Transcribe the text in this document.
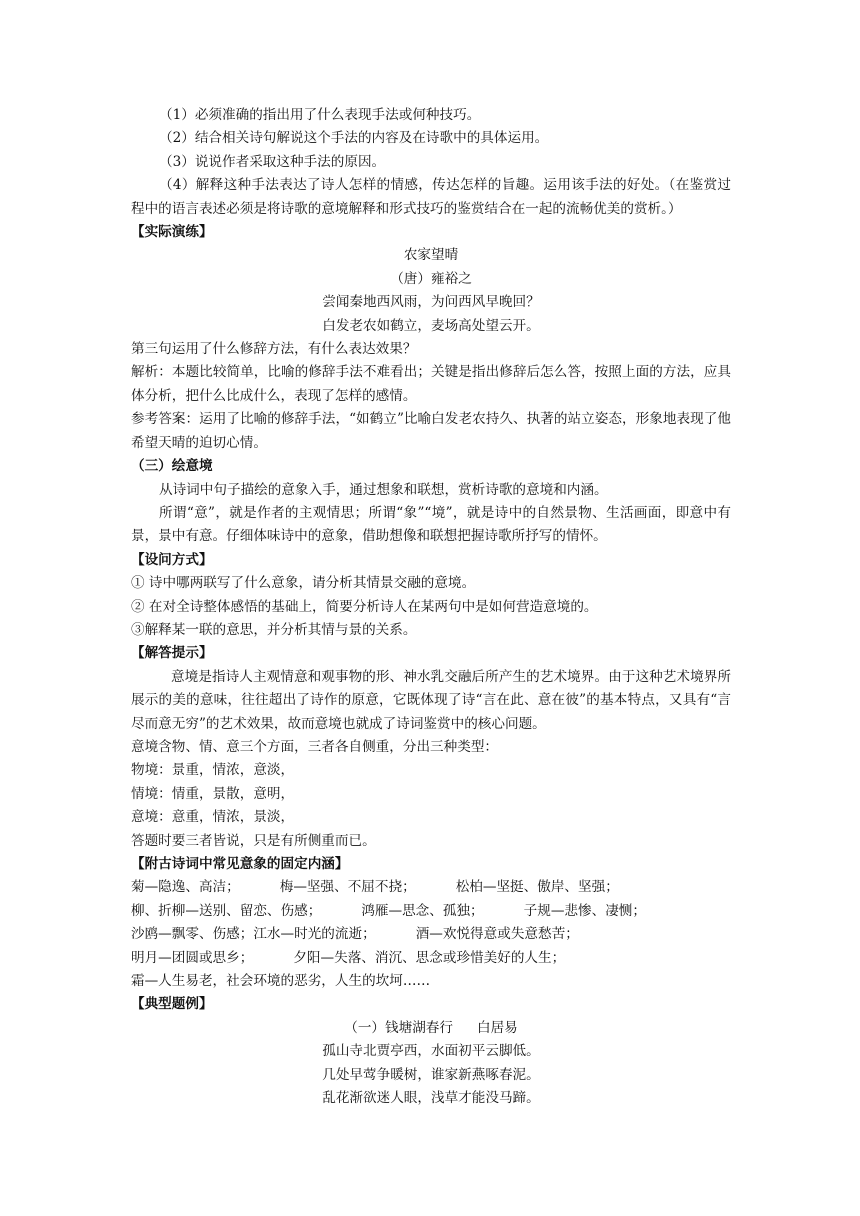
（1）必须准确的指出用了什么表现手法或何种技巧。

（2）结合相关诗句解说这个手法的内容及在诗歌中的具体运用。

（3）说说作者采取这种手法的原因。

（4）解释这种手法表达了诗人怎样的情感，传达怎样的旨趣。运用该手法的好处。（在鉴赏过程中的语言表述必须是将诗歌的意境解释和形式技巧的鉴赏结合在一起的流畅优美的赏析。）

【实际演练】

农家望晴

（唐）雍裕之

尝闻秦地西风雨，为问西风早晚回？

白发老农如鹤立，麦场高处望云开。

第三句运用了什么修辞方法，有什么表达效果？

解析：本题比较简单，比喻的修辞手法不难看出；关键是指出修辞后怎么答，按照上面的方法，应具体分析，把什么比成什么，表现了怎样的感情。

参考答案：运用了比喻的修辞手法，“如鹤立”比喻白发老农持久、执著的站立姿态，形象地表现了他希望天晴的迫切心情。

（三）绘意境

从诗词中句子描绘的意象入手，通过想象和联想，赏析诗歌的意境和内涵。

所谓“意”，就是作者的主观情思；所谓“象”“境”，就是诗中的自然景物、生活画面，即意中有景，景中有意。仔细体味诗中的意象，借助想像和联想把握诗歌所抒写的情怀。

【设问方式】

① 诗中哪两联写了什么意象，请分析其情景交融的意境。

② 在对全诗整体感悟的基础上，简要分析诗人在某两句中是如何营造意境的。

③解释某一联的意思，并分析其情与景的关系。

【解答提示】

意境是指诗人主观情意和观事物的形、神水乳交融后所产生的艺术境界。由于这种艺术境界所展示的美的意味，往往超出了诗作的原意，它既体现了诗“言在此、意在彼”的基本特点，又具有“言尽而意无穷”的艺术效果，故而意境也就成了诗词鉴赏中的核心问题。

意境含物、情、意三个方面，三者各自侧重，分出三种类型：

物境：景重，情浓，意淡，

情境：情重，景散，意明，

意境：意重，情浓，景淡，

答题时要三者皆说，只是有所侧重而已。

【附古诗词中常见意象的固定内涵】

菊—隐逸、高洁；	梅—坚强、不屈不挠；	松柏—坚挺、傲岸、坚强；
柳、折柳—送别、留恋、伤感；	鸿雁—思念、孤独；	子规—悲惨、凄恻；
沙鸥—飘零、伤感；江水—时光的流逝；	酒—欢悦得意或失意愁苦；
明月—团圆或思乡；	夕阳—失落、消沉、思念或珍惜美好的人生；
霜—人生易老，社会环境的恶劣，人生的坎坷……

【典型题例】

（一）钱塘湖春行 白居易

孤山寺北贾亭西，水面初平云脚低。

几处早莺争暖树，谁家新燕啄春泥。

乱花渐欲迷人眼，浅草才能没马蹄。
